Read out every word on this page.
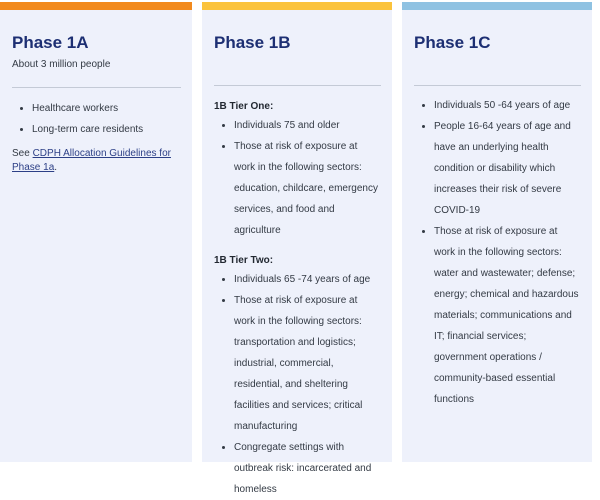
Phase 1A

About 3 million people

• Healthcare workers
• Long-term care residents

See CDPH Allocation Guidelines for Phase 1a.

Phase 1B

1B Tier One:

• Individuals 75 and older
• Those at risk of exposure at work in the following sectors: education, childcare, emergency services, and food and agriculture

1B Tier Two:

• Individuals 65 -74 years of age
• Those at risk of exposure at work in the following sectors: transportation and logistics; industrial, commercial, residential, and sheltering facilities and services; critical manufacturing
• Congregate settings with outbreak risk: incarcerated and homeless
Phase 1C
• Individuals 50 -64 years of age
• People 16-64 years of age and have an underlying health condition or disability which increases their risk of severe COVID-19
• Those at risk of exposure at work in the following sectors: water and wastewater; defense; energy; chemical and hazardous materials; communications and IT; financial services; government operations / community-based essential functions
